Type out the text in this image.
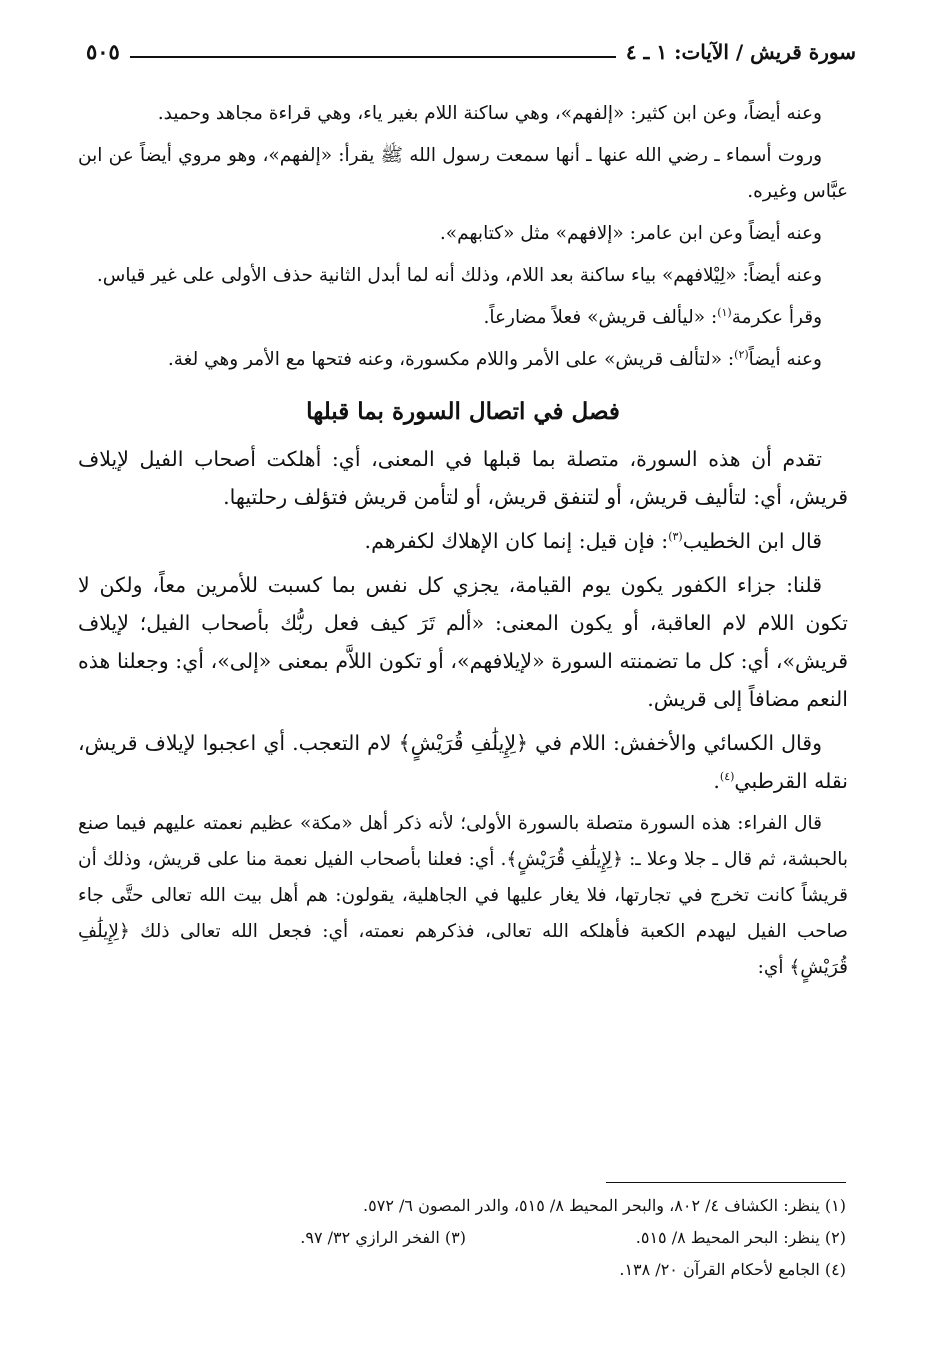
سورة قريش / الآيات: ١ ـ ٤
٥٠٥

وعنه أيضاً، وعن ابن كثير: «إلفهم»، وهي ساكنة اللام بغير ياء، وهي قراءة مجاهد وحميد.

وروت أسماء ـ رضي الله عنها ـ أنها سمعت رسول الله ﷺ يقرأ: «إلفهم»، وهو مروي أيضاً عن ابن عبَّاس وغيره.

وعنه أيضاً وعن ابن عامر: «إلافهم» مثل «كتابهم».

وعنه أيضاً: «لِيْلافهم» بياء ساكنة بعد اللام، وذلك أنه لما أبدل الثانية حذف الأولى على غير قياس.

وقرأ عكرمة$^{(١)}$: «ليألف قريش» فعلاً مضارعاً.

وعنه أيضاً$^{(٢)}$: «لتألف قريش» على الأمر واللام مكسورة، وعنه فتحها مع الأمر وهي لغة.

فصل في اتصال السورة بما قبلها

تقدم أن هذه السورة، متصلة بما قبلها في المعنى، أي: أهلكت أصحاب الفيل لإيلاف قريش، أي: لتأليف قريش، أو لتنفق قريش، أو لتأمن قريش فتؤلف رحلتيها.

قال ابن الخطيب$^{(٣)}$: فإن قيل: إنما كان الإهلاك لكفرهم.

قلنا: جزاء الكفور يكون يوم القيامة، يجزي كل نفس بما كسبت للأمرين معاً، ولكن لا تكون اللام لام العاقبة، أو يكون المعنى: «ألم تَرَ كيف فعل ربُّك بأصحاب الفيل؛ لإيلاف قريش»، أي: كل ما تضمنته السورة «لإيلافهم»، أو تكون اللاَّم بمعنى «إلى»، أي: وجعلنا هذه النعم مضافاً إلى قريش.

وقال الكسائي والأخفش: اللام في ﴿لِإِيلَٰفِ قُرَيْشٍ﴾ لام التعجب. أي اعجبوا لإيلاف قريش، نقله القرطبي$^{(٤)}$.

قال الفراء: هذه السورة متصلة بالسورة الأولى؛ لأنه ذكر أهل «مكة» عظيم نعمته عليهم فيما صنع بالحبشة، ثم قال ـ جلا وعلا ـ: ﴿لِإِيلَٰفِ قُرَيْشٍ﴾. أي: فعلنا بأصحاب الفيل نعمة منا على قريش، وذلك أن قريشاً كانت تخرج في تجارتها، فلا يغار عليها في الجاهلية، يقولون: هم أهل بيت الله تعالى حتَّى جاء صاحب الفيل ليهدم الكعبة فأهلكه الله تعالى، فذكرهم نعمته، أي: فجعل الله تعالى ذلك ﴿لِإِيلَٰفِ قُرَيْشٍ﴾ أي:

(١) ينظر: الكشاف ٤/ ٨٠٢، والبحر المحيط ٨/ ٥١٥، والدر المصون ٦/ ٥٧٢.
(٢) ينظر: البحر المحيط ٨/ ٥١٥.
(٣) الفخر الرازي ٣٢/ ٩٧.
(٤) الجامع لأحكام القرآن ٢٠/ ١٣٨.
